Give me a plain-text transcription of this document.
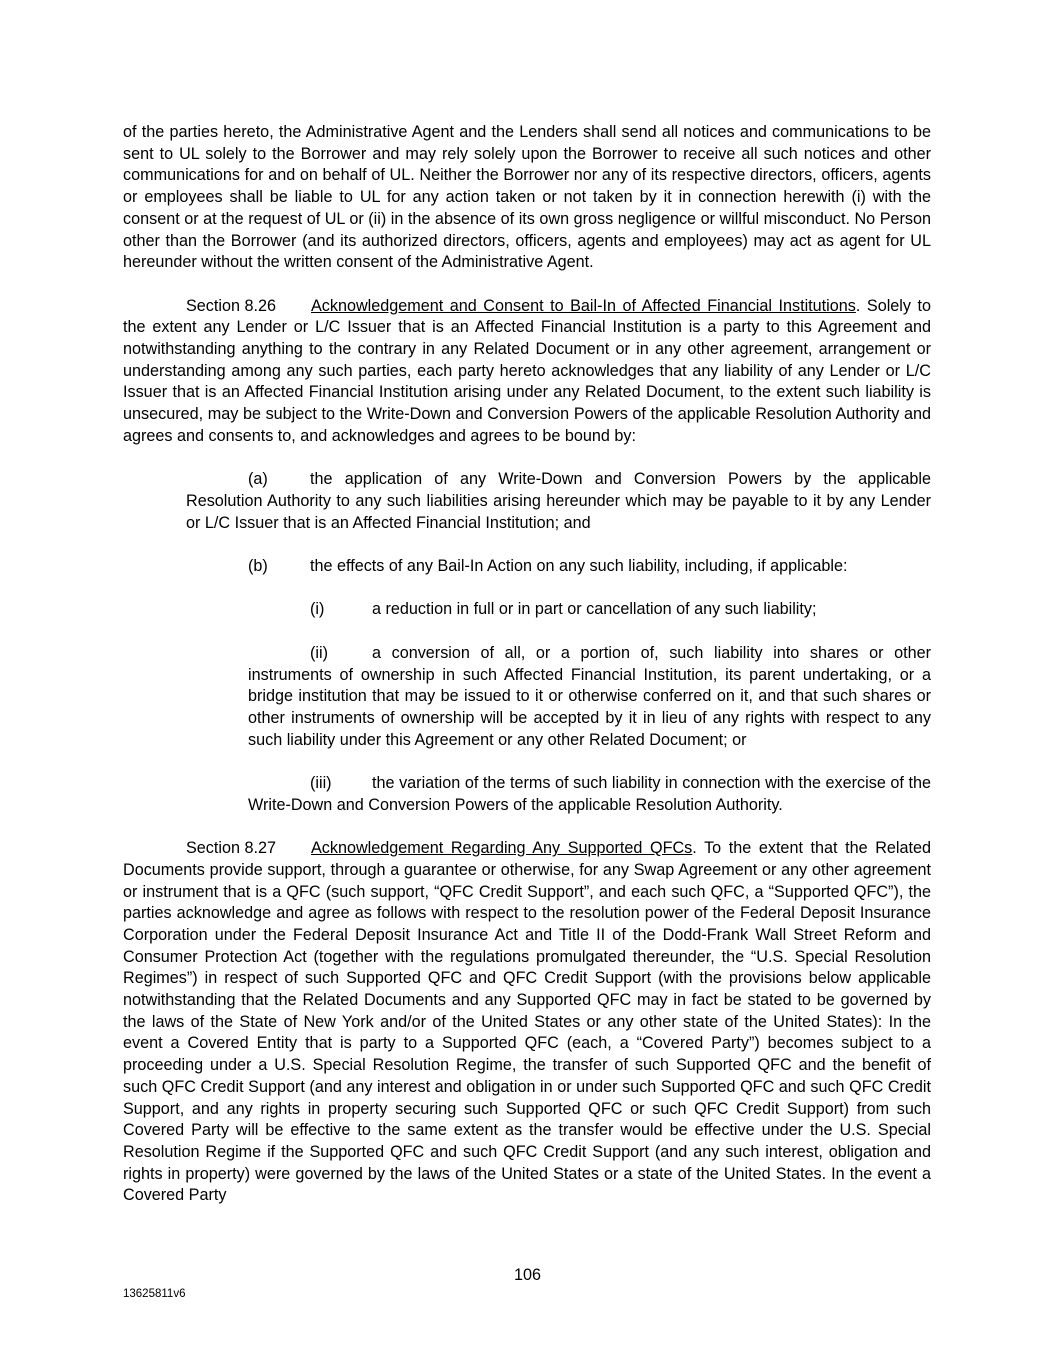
of the parties hereto, the Administrative Agent and the Lenders shall send all notices and communications to be sent to UL solely to the Borrower and may rely solely upon the Borrower to receive all such notices and other communications for and on behalf of UL. Neither the Borrower nor any of its respective directors, officers, agents or employees shall be liable to UL for any action taken or not taken by it in connection herewith (i) with the consent or at the request of UL or (ii) in the absence of its own gross negligence or willful misconduct. No Person other than the Borrower (and its authorized directors, officers, agents and employees) may act as agent for UL hereunder without the written consent of the Administrative Agent.

Section 8.26 Acknowledgement and Consent to Bail-In of Affected Financial Institutions. Solely to the extent any Lender or L/C Issuer that is an Affected Financial Institution is a party to this Agreement and notwithstanding anything to the contrary in any Related Document or in any other agreement, arrangement or understanding among any such parties, each party hereto acknowledges that any liability of any Lender or L/C Issuer that is an Affected Financial Institution arising under any Related Document, to the extent such liability is unsecured, may be subject to the Write-Down and Conversion Powers of the applicable Resolution Authority and agrees and consents to, and acknowledges and agrees to be bound by:

(a)	the application of any Write-Down and Conversion Powers by the applicable Resolution Authority to any such liabilities arising hereunder which may be payable to it by any Lender or L/C Issuer that is an Affected Financial Institution; and

(b)	the effects of any Bail-In Action on any such liability, including, if applicable:

(i)	a reduction in full or in part or cancellation of any such liability;

(ii)	a conversion of all, or a portion of, such liability into shares or other instruments of ownership in such Affected Financial Institution, its parent undertaking, or a bridge institution that may be issued to it or otherwise conferred on it, and that such shares or other instruments of ownership will be accepted by it in lieu of any rights with respect to any such liability under this Agreement or any other Related Document; or

(iii) the variation of the terms of such liability in connection with the exercise of the Write-Down and Conversion Powers of the applicable Resolution Authority.

Section 8.27 Acknowledgement Regarding Any Supported QFCs. To the extent that the Related Documents provide support, through a guarantee or otherwise, for any Swap Agreement or any other agreement or instrument that is a QFC (such support, “QFC Credit Support”, and each such QFC, a “Supported QFC”), the parties acknowledge and agree as follows with respect to the resolution power of the Federal Deposit Insurance Corporation under the Federal Deposit Insurance Act and Title II of the Dodd-Frank Wall Street Reform and Consumer Protection Act (together with the regulations promulgated thereunder, the “U.S. Special Resolution Regimes”) in respect of such Supported QFC and QFC Credit Support (with the provisions below applicable notwithstanding that the Related Documents and any Supported QFC may in fact be stated to be governed by the laws of the State of New York and/or of the United States or any other state of the United States): In the event a Covered Entity that is party to a Supported QFC (each, a “Covered Party”) becomes subject to a proceeding under a U.S. Special Resolution Regime, the transfer of such Supported QFC and the benefit of such QFC Credit Support (and any interest and obligation in or under such Supported QFC and such QFC Credit Support, and any rights in property securing such Supported QFC or such QFC Credit Support) from such Covered Party will be effective to the same extent as the transfer would be effective under the U.S. Special Resolution Regime if the Supported QFC and such QFC Credit Support (and any such interest, obligation and rights in property) were governed by the laws of the United States or a state of the United States. In the event a Covered Party

106
13625811v6
